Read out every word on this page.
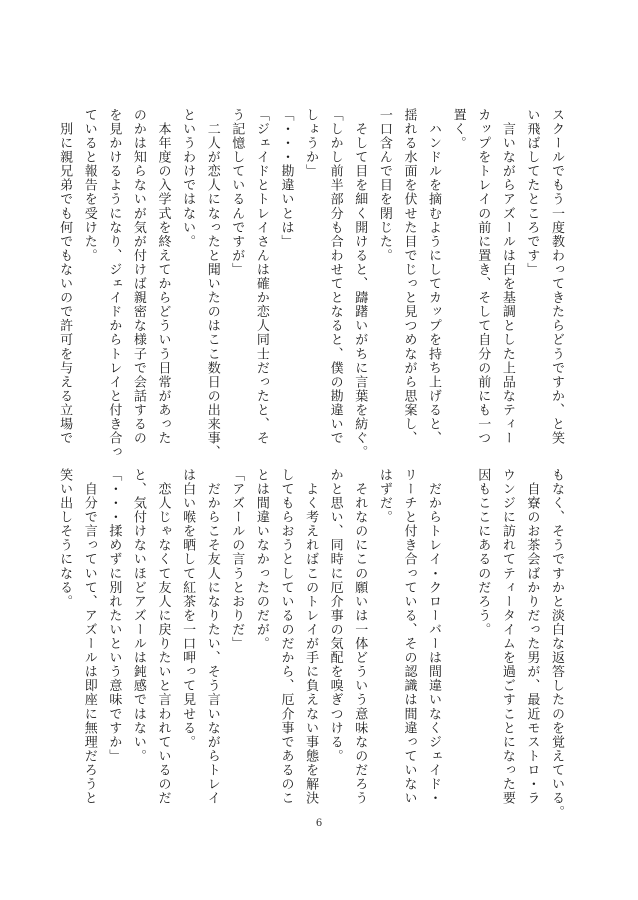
スクールでもう一度教わってきたらどうですか、と笑
い飛ばしてたところです」
　言いながらアズールは白を基調とした上品なティー
カップをトレイの前に置き、そして自分の前にも一つ
置く。
　ハンドルを摘むようにしてカップを持ち上げると、
揺れる水面を伏せた目でじっと見つめながら思案し、
一口含んで目を閉じた。
　そして目を細く開けると、躊躇いがちに言葉を紡ぐ。
「しかし前半部分も合わせてとなると、僕の勘違いで
しょうか」
「・・・勘違いとは」
「ジェイドとトレイさんは確か恋人同士だったと、そ
う記憶しているんですが」
　二人が恋人になったと聞いたのはここ数日の出来事、
というわけではない。
　本年度の入学式を終えてからどういう日常があった
のかは知らないが気が付けば親密な様子で会話するの
を見かけるようになり、ジェイドからトレイと付き合っ
ていると報告を受けた。
　別に親兄弟でも何でもないので許可を与える立場で
もなく、そうですかと淡白な返答したのを覚えている。
　自寮のお茶会ばかりだった男が、最近モストロ・ラ
ウンジに訪れてティータイムを過ごすことになった要
因もここにあるのだろう。

　だからトレイ・クローバーは間違いなくジェイド・
リーチと付き合っている、その認識は間違っていない
はずだ。
　それなのにこの願いは一体どういう意味なのだろう
かと思い、同時に厄介事の気配を嗅ぎつける。
　よく考えればこのトレイが手に負えない事態を解決
してもらおうとしているのだから、厄介事であるのこ
とは間違いなかったのだが。
「アズールの言うとおりだ」
　だからこそ友人になりたい、そう言いながらトレイ
は白い喉を晒して紅茶を一口呷って見せる。
　恋人じゃなくて友人に戻りたいと言われているのだ
と、気付けないほどアズールは鈍感ではない。
「・・・揉めずに別れたいという意味ですか」
　自分で言っていて、アズールは即座に無理だろうと
笑い出しそうになる。
6
